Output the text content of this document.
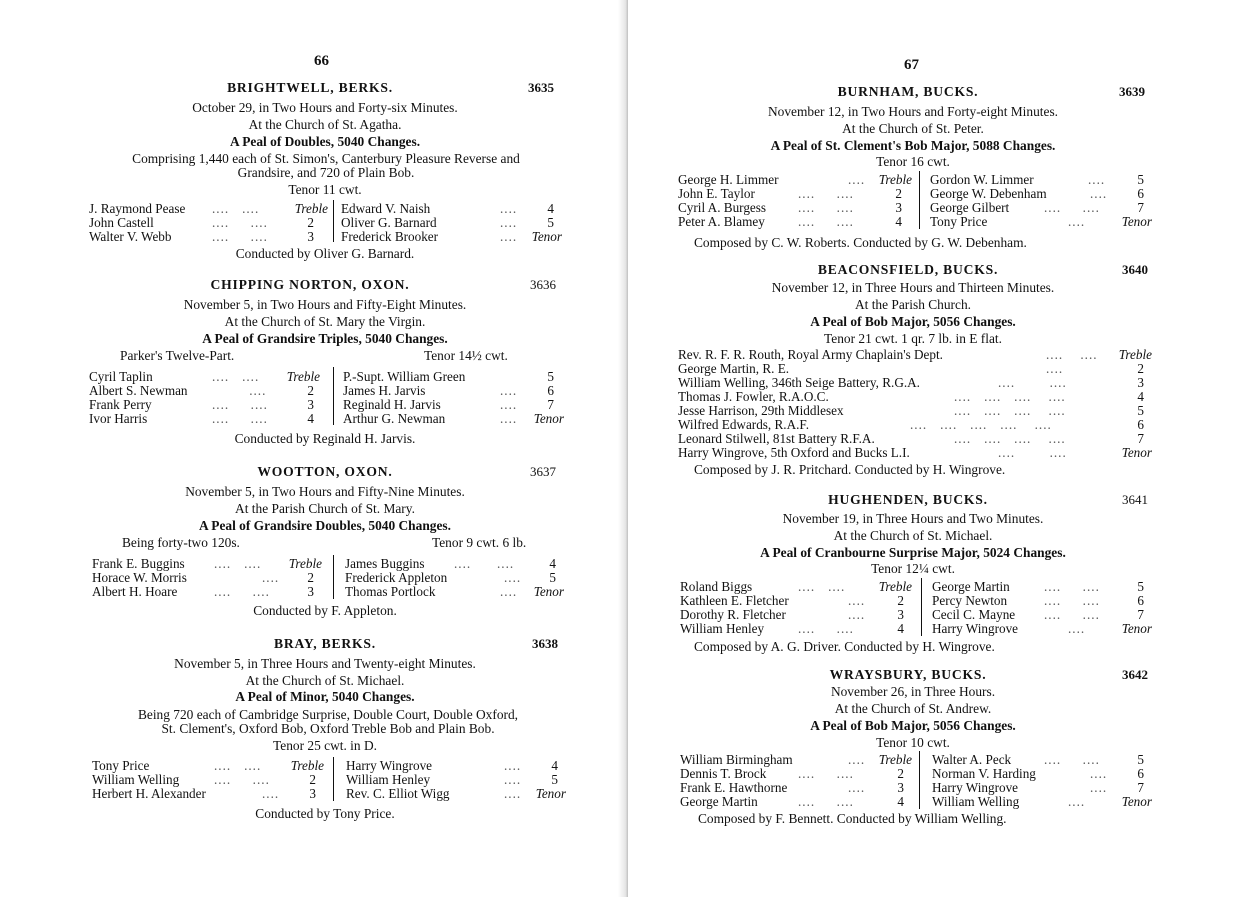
66
BRIGHTWELL, BERKS.	3635
October 29, in Two Hours and Forty-six Minutes.
At the Church of St. Agatha.
A Peal of Doubles, 5040 Changes.
Comprising 1,440 each of St. Simon's, Canterbury Pleasure Reverse and
Grandsire, and 720 of Plain Bob.
Tenor 11 cwt.
J. Raymond Pease ....   ....	Treble
John Castell	....     ....	2
Walter V. Webb	....     ....	3
Edward V. Naish	....	4
Oliver G. Barnard	....	5
Frederick Brooker	....	Tenor
Conducted by Oliver G. Barnard.
CHIPPING NORTON, OXON.	3636
November 5, in Two Hours and Fifty-Eight Minutes.
At the Church of St. Mary the Virgin.
A Peal of Grandsire Triples, 5040 Changes.
Parker's Twelve-Part.	Tenor 14½ cwt.
Cyril Taplin	....   ....	Treble
Albert S. Newman	....	2
Frank Perry	....     ....	3
Ivor Harris	....     ....	4
P.-Supt. William Green	5
James H. Jarvis	....	6
Reginald H. Jarvis	....	7
Arthur G. Newman	....	Tenor
Conducted by Reginald H. Jarvis.
WOOTTON, OXON.	3637
November 5, in Two Hours and Fifty-Nine Minutes.
At the Parish Church of St. Mary.
A Peal of Grandsire Doubles, 5040 Changes.
Being forty-two 120s.	Tenor 9 cwt. 6 lb.
Frank E. Buggins ....   ....	Treble
Horace W. Morris	....	2
Albert H. Hoare	....     ....	3
James Buggins ....      ....	4
Frederick Appleton	....	5
Thomas Portlock	....	Tenor
Conducted by F. Appleton.
BRAY, BERKS.	3638
November 5, in Three Hours and Twenty-eight Minutes.
At the Church of St. Michael.
A Peal of Minor, 5040 Changes.
Being 720 each of Cambridge Surprise, Double Court, Double Oxford,
St. Clement's, Oxford Bob, Oxford Treble Bob and Plain Bob.
Tenor 25 cwt. in D.
Tony Price	....   ....	Treble
William Welling	....     ....	2
Herbert H. Alexander	....	3
Harry Wingrove	....	4
William Henley	....	5
Rev. C. Elliot Wigg	....	Tenor
Conducted by Tony Price.
67
BURNHAM, BUCKS.	3639
November 12, in Two Hours and Forty-eight Minutes.
At the Church of St. Peter.
A Peal of St. Clement's Bob Major, 5088 Changes.
Tenor 16 cwt.
George H. Limmer	....	Treble
John E. Taylor	....     ....	2
Cyril A. Burgess ....     ....	3
Peter A. Blamey	....     ....	4
Gordon W. Limmer	....	5
George W. Debenham	....	6
George Gilbert	....     ....	7
Tony Price	....	Tenor
Composed by C. W. Roberts. Conducted by G. W. Debenham.
BEACONSFIELD, BUCKS.	3640
November 12, in Three Hours and Thirteen Minutes.
At the Parish Church.
A Peal of Bob Major, 5056 Changes.
Tenor 21 cwt. 1 qr. 7 lb. in E flat.
Rev. R. F. R. Routh, Royal Army Chaplain's Dept.	....    ....	Treble
George Martin, R. E.	....	2
William Welling, 346th Seige Battery, R.G.A.	....        ....	3
Thomas J. Fowler, R.A.O.C.	....   ....   ....    ....	4
Jesse Harrison, 29th Middlesex	....   ....   ....    ....	5
Wilfred Edwards, R.A.F.	....   ....   ....   ....    ....	6
Leonard Stilwell, 81st Battery R.F.A.	....   ....   ....    ....	7
Harry Wingrove, 5th Oxford and Bucks L.I.	....        ....	Tenor
Composed by J. R. Pritchard. Conducted by H. Wingrove.
HUGHENDEN, BUCKS.	3641
November 19, in Three Hours and Two Minutes.
At the Church of St. Michael.
A Peal of Cranbourne Surprise Major, 5024 Changes.
Tenor 12¼ cwt.
Roland Biggs	....   ....	Treble
Kathleen E. Fletcher	....	2
Dorothy R. Fletcher	....	3
William Henley	....     ....	4
George Martin	....     ....	5
Percy Newton	....     ....	6
Cecil C. Mayne ....     ....	7
Harry Wingrove	....	Tenor
Composed by A. G. Driver. Conducted by H. Wingrove.
WRAYSBURY, BUCKS.	3642
November 26, in Three Hours.
At the Church of St. Andrew.
A Peal of Bob Major, 5056 Changes.
Tenor 10 cwt.
William Birmingham	....	Treble
Dennis T. Brock ....     ....	2
Frank E. Hawthorne	....	3
George Martin	....     ....	4
Walter A. Peck ....     ....	5
Norman V. Harding	....	6
Harry Wingrove	....	7
William Welling	....	Tenor
Composed by F. Bennett. Conducted by William Welling.
